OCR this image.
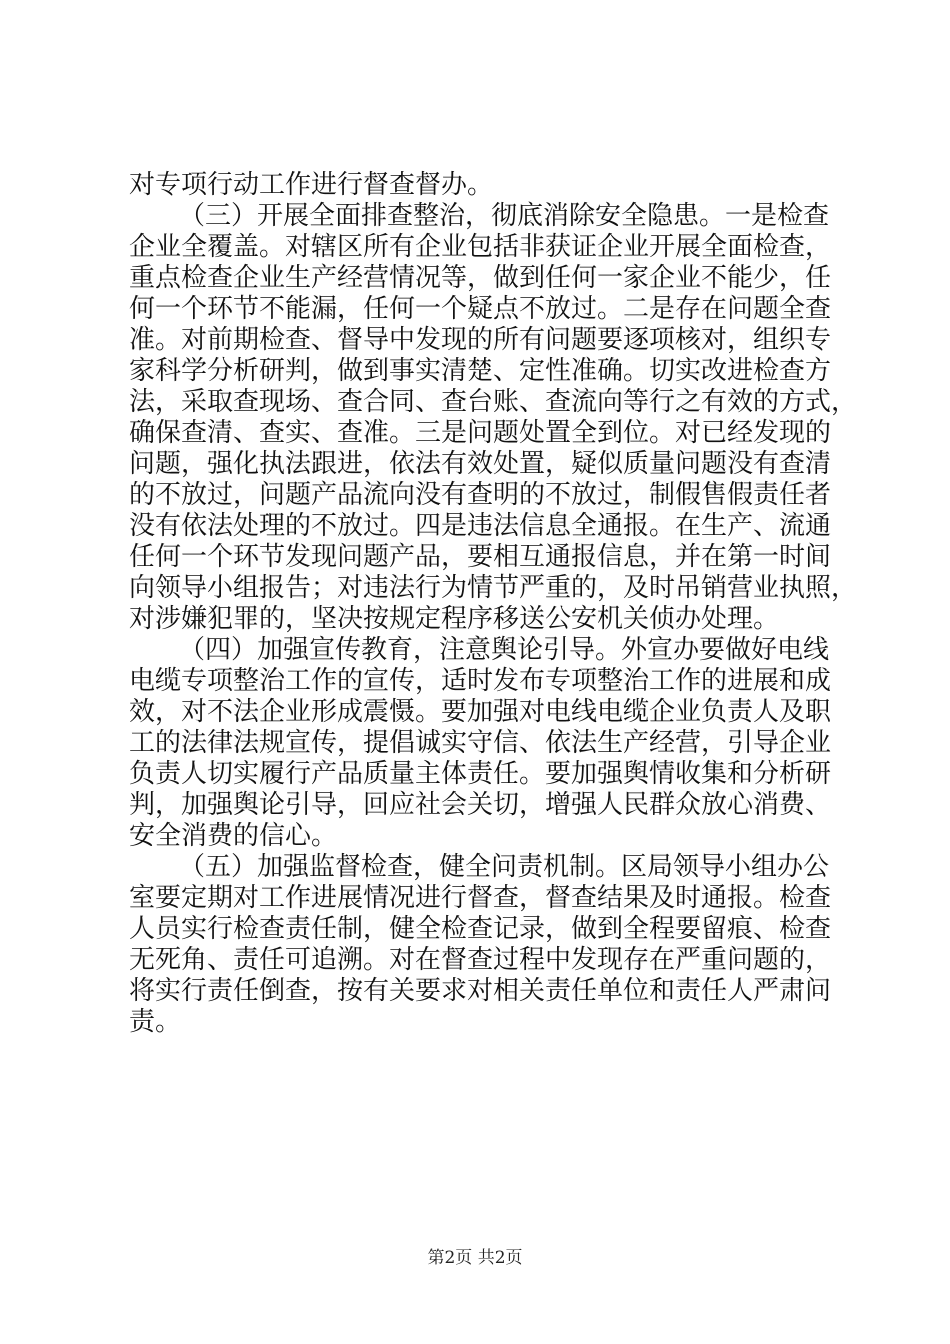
对专项行动工作进行督查督办。
（三）开展全面排查整治，彻底消除安全隐患。一是检查
企业全覆盖。对辖区所有企业包括非获证企业开展全面检查，
重点检查企业生产经营情况等，做到任何一家企业不能少，任
何一个环节不能漏，任何一个疑点不放过。二是存在问题全查
准。对前期检查、督导中发现的所有问题要逐项核对，组织专
家科学分析研判，做到事实清楚、定性准确。切实改进检查方
法，采取查现场、查合同、查台账、查流向等行之有效的方式，
确保查清、查实、查准。三是问题处置全到位。对已经发现的
问题，强化执法跟进，依法有效处置，疑似质量问题没有查清
的不放过，问题产品流向没有查明的不放过，制假售假责任者
没有依法处理的不放过。四是违法信息全通报。在生产、流通
任何一个环节发现问题产品，要相互通报信息，并在第一时间
向领导小组报告；对违法行为情节严重的，及时吊销营业执照，
对涉嫌犯罪的，坚决按规定程序移送公安机关侦办处理。
（四）加强宣传教育，注意舆论引导。外宣办要做好电线
电缆专项整治工作的宣传，适时发布专项整治工作的进展和成
效，对不法企业形成震慑。要加强对电线电缆企业负责人及职
工的法律法规宣传，提倡诚实守信、依法生产经营，引导企业
负责人切实履行产品质量主体责任。要加强舆情收集和分析研
判，加强舆论引导，回应社会关切，增强人民群众放心消费、
安全消费的信心。
（五）加强监督检查，健全问责机制。区局领导小组办公
室要定期对工作进展情况进行督查，督查结果及时通报。检查
人员实行检查责任制，健全检查记录，做到全程要留痕、检查
无死角、责任可追溯。对在督查过程中发现存在严重问题的，
将实行责任倒查，按有关要求对相关责任单位和责任人严肃问
责。
第2页 共2页
